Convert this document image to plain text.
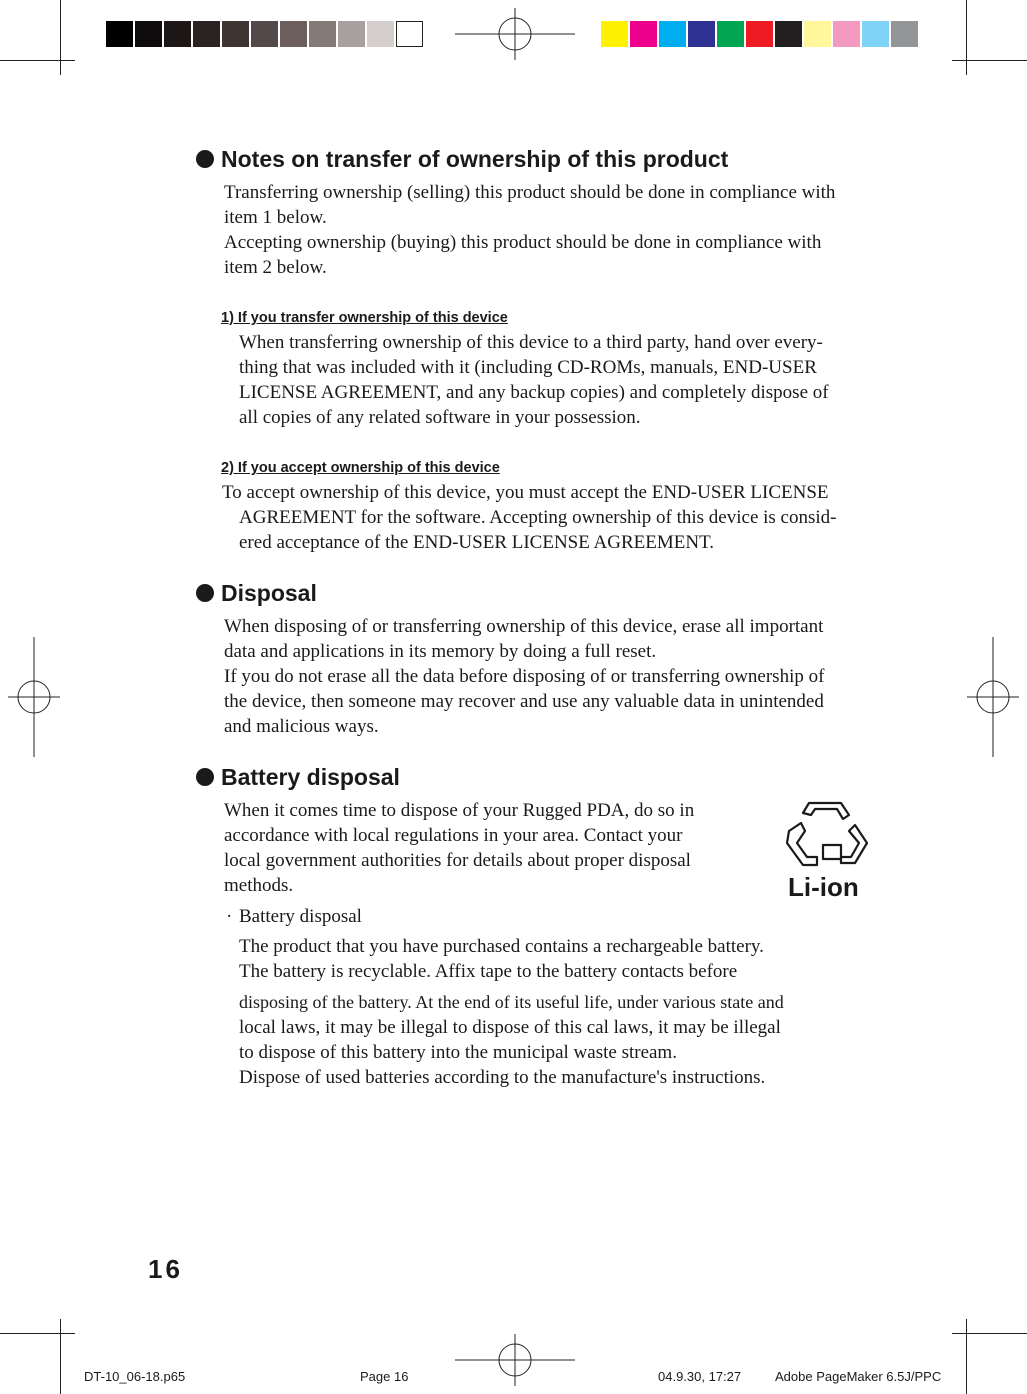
Notes on transfer of ownership of this product
Transferring ownership (selling) this product should be done in compliance with
item 1 below.
Accepting ownership (buying) this product should be done in compliance with
item 2 below.
1) If you transfer ownership of this device
When transferring ownership of this device to a third party, hand over every-
thing that was included with it (including CD-ROMs, manuals, END-USER
LICENSE AGREEMENT, and any backup copies) and completely dispose of
all copies of any related software in your possession.
2) If you accept ownership of this device
To accept ownership of this device, you must accept the END-USER LICENSE
AGREEMENT for the software. Accepting ownership of this device is consid-
ered acceptance of the END-USER LICENSE AGREEMENT.
Disposal
When disposing of or transferring ownership of this device, erase all important
data and applications in its memory by doing a full reset.
If you do not erase all the data before disposing of or transferring ownership of
the device, then someone may recover and use any valuable data in unintended
and malicious ways.
Battery disposal
When it comes time to dispose of your Rugged PDA, do so in
accordance with local regulations in your area. Contact your
local government authorities for details about proper disposal
methods.	Li-ion
· Battery disposal
The product that you have purchased contains a rechargeable battery.
The battery is recyclable. Affix tape to the battery contacts before
disposing of the battery. At the end of its useful life, under various state and
local laws, it may be illegal to dispose of this cal laws, it may be illegal
to dispose of this battery into the municipal waste stream.
Dispose of used batteries according to the manufacture's instructions.
16
DT-10_06-18.p65	Page 16	04.9.30, 17:27	Adobe PageMaker 6.5J/PPC
